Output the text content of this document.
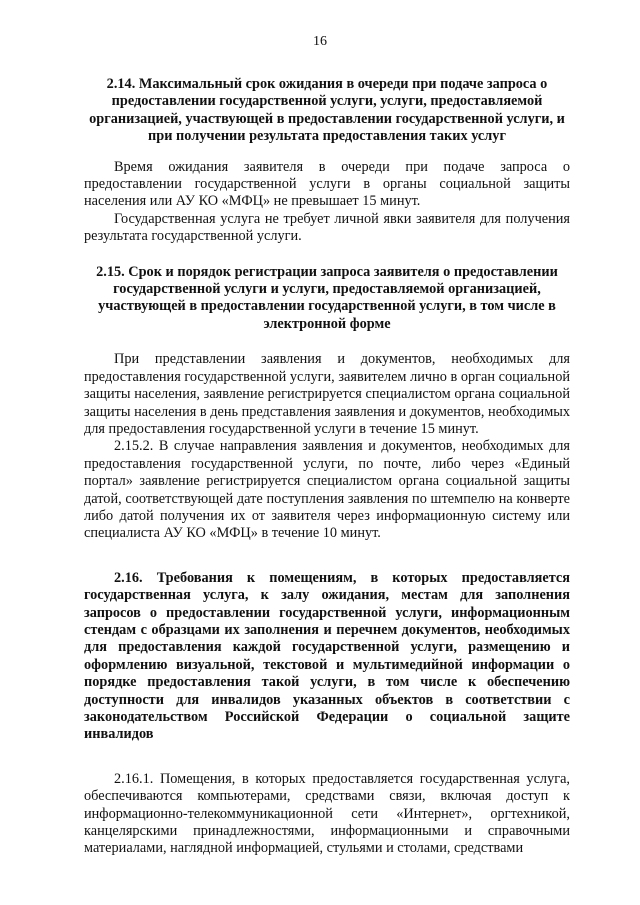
16

2.14. Максимальный срок ожидания в очереди при подаче запроса о предоставлении государственной услуги, услуги, предоставляемой организацией, участвующей в предоставлении государственной услуги, и при получении результата предоставления таких услуг

Время ожидания заявителя в очереди при подаче запроса о предоставлении государственной услуги в органы социальной защиты населения или АУ КО «МФЦ» не превышает 15 минут.

Государственная услуга не требует личной явки заявителя для получения результата государственной услуги.

2.15. Срок и порядок регистрации запроса заявителя о предоставлении государственной услуги и услуги, предоставляемой организацией, участвующей в предоставлении государственной услуги, в том числе в электронной форме

При представлении заявления и документов, необходимых для предоставления государственной услуги, заявителем лично в орган социальной защиты населения, заявление регистрируется специалистом органа социальной защиты населения в день представления заявления и документов, необходимых для предоставления государственной услуги в течение 15 минут.

2.15.2. В случае направления заявления и документов, необходимых для предоставления государственной услуги, по почте, либо через «Единый портал» заявление регистрируется специалистом органа социальной защиты датой, соответствующей дате поступления заявления по штемпелю на конверте либо датой получения их от заявителя через информационную систему или специалиста АУ КО «МФЦ» в течение 10 минут.

2.16. Требования к помещениям, в которых предоставляется государственная услуга, к залу ожидания, местам для заполнения запросов о предоставлении государственной услуги, информационным стендам с образцами их заполнения и перечнем документов, необходимых для предоставления каждой государственной услуги, размещению и оформлению визуальной, текстовой и мультимедийной информации о порядке предоставления такой услуги, в том числе к обеспечению доступности для инвалидов указанных объектов в соответствии с законодательством Российской Федерации о социальной защите инвалидов

2.16.1. Помещения, в которых предоставляется государственная услуга, обеспечиваются компьютерами, средствами связи, включая доступ к информационно-телекоммуникационной сети «Интернет», оргтехникой, канцелярскими принадлежностями, информационными и справочными материалами, наглядной информацией, стульями и столами, средствами
